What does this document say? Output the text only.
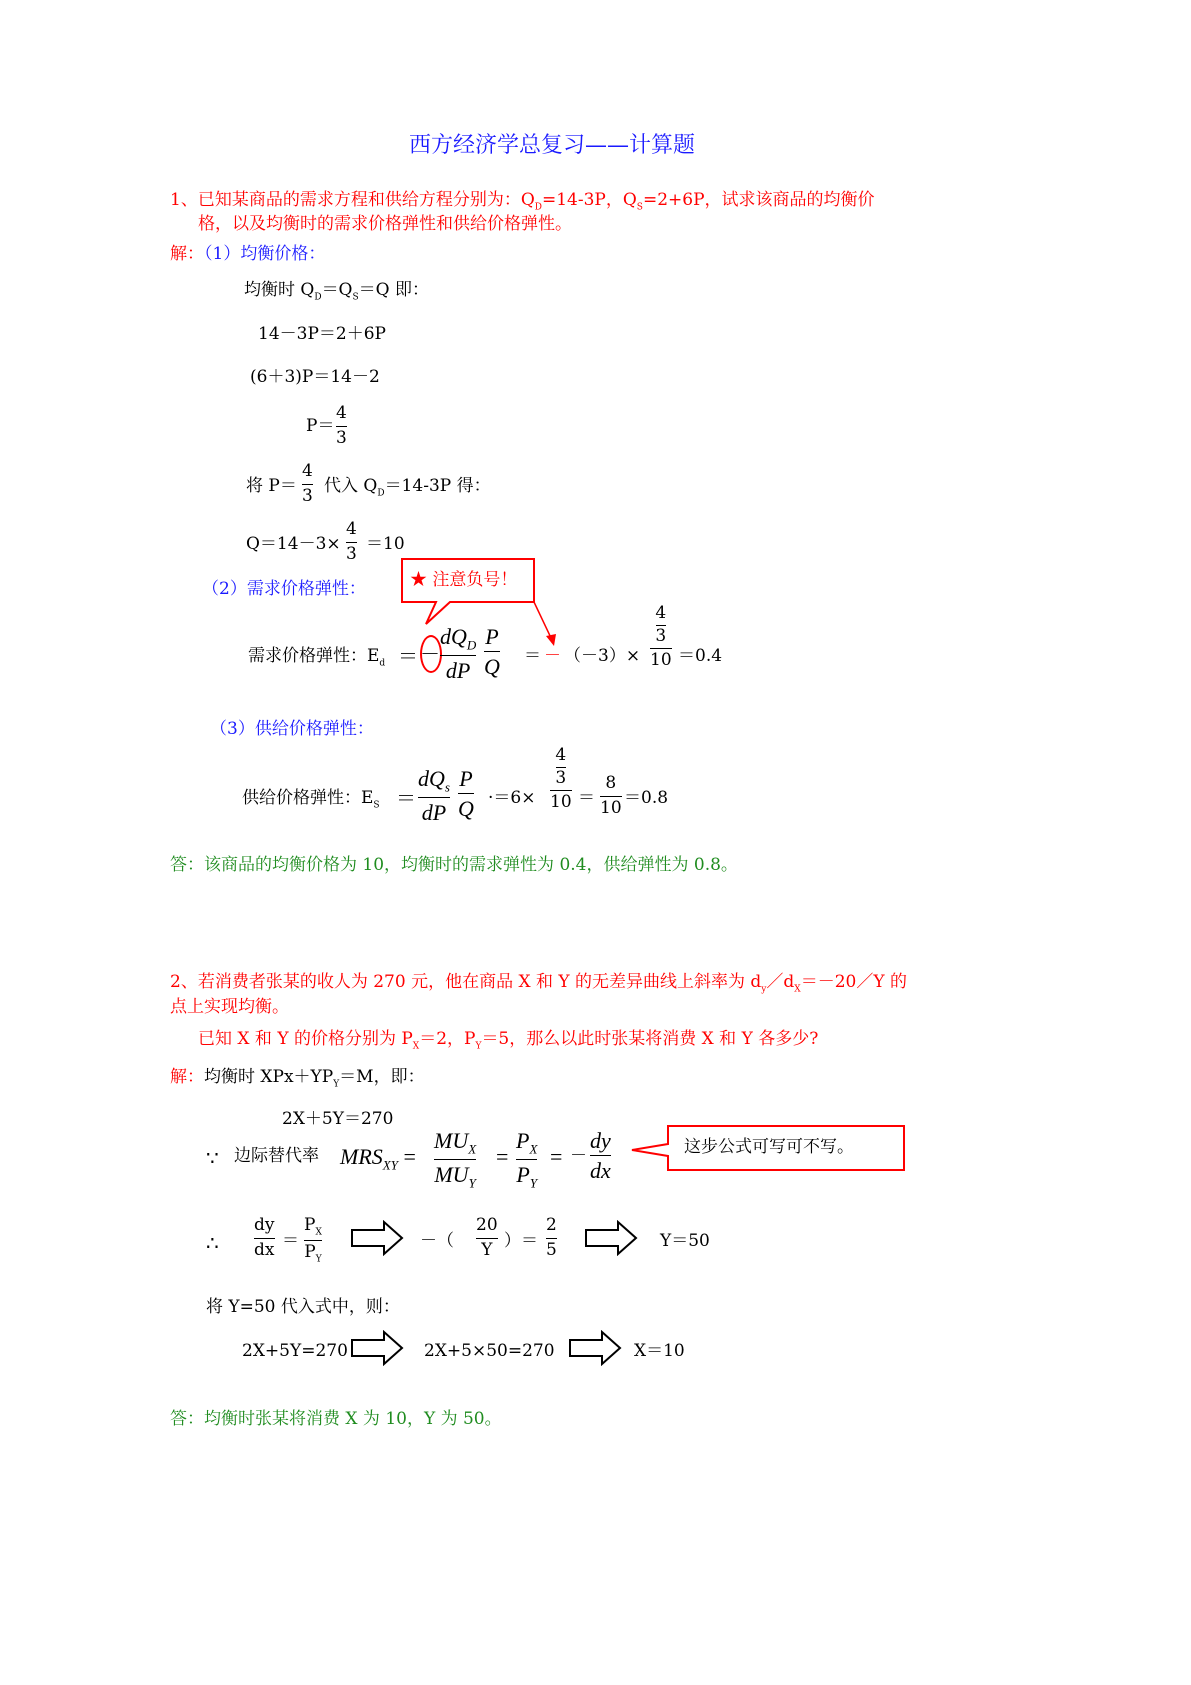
西方经济学总复习——计算题
1、已知某商品的需求方程和供给方程分别为：$Q_D=14-3P$，$Q_S=2+6P$，试求该商品的均衡价
格，以及均衡时的需求价格弹性和供给价格弹性。
解：（1）均衡价格：
均衡时 $Q_D=Q_S=Q$ 即：
14－3P＝2＋6P
(6＋3)P＝14－2
P＝
4
3
将 P＝
4
3 代入 $Q_D=14-3P$ 得：
Q＝14－3×
4
3 ＝10
（2）需求价格弹性：	★ 注意负号！
需求价格弹性：$E_d$ ＝ －
$dQ_D$
dP
P
Q ＝ － （－3）×
4
3
10 ＝0.4
（3）供给价格弹性：
供给价格弹性：$E_S$ ＝
$dQ_s$
dP
P
Q ·＝6×
4
3
10 ＝
8
10 ＝0.8
答：该商品的均衡价格为 10，均衡时的需求弹性为 0.4，供给弹性为 0.8。
2、若消费者张某的收人为 270 元，他在商品 X 和 Y 的无差异曲线上斜率为 $d_y/d_X=-20/Y$ 的
点上实现均衡。
已知 X 和 Y 的价格分别为 $P_X=2$，$P_Y=5$，那么以此时张某将消费 X 和 Y 各多少?
解：均衡时 $XPx+YP_Y=M$，即：
2X＋5Y＝270
∵ 边际替代率 $MRS_{XY}$ =
$MU_X$
$MU_Y$
=
$P_X$
$P_Y$
= －
dy
dx
这步公式可写可不写。
∴
dy
dx ＝
$P_X$
$P_Y$
－（
20
Y ）＝
2
5	Y＝50
将 Y=50 代入式中，则：
2X+5Y=270	2X+5×50=270	X＝10
答：均衡时张某将消费 X 为 10，Y 为 50。
